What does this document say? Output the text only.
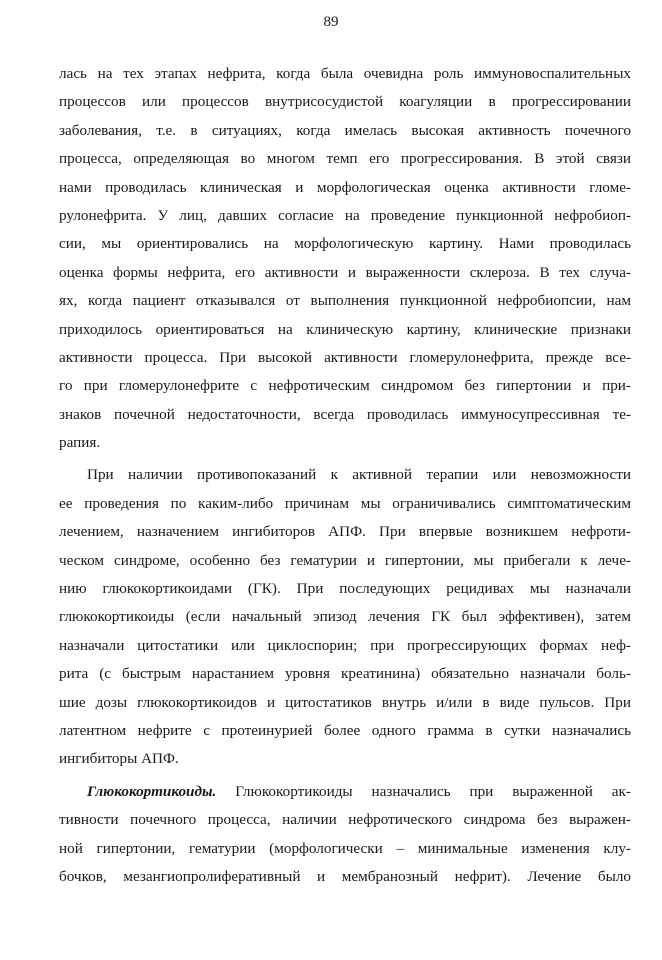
89
лась на тех этапах нефрита, когда была очевидна роль иммуновоспалительных
процессов или процессов внутрисосудистой коагуляции в прогрессировании
заболевания, т.е. в ситуациях, когда имелась высокая активность почечного
процесса, определяющая во многом темп его прогрессирования. В этой связи
нами проводилась клиническая и морфологическая оценка активности гломе-
рулонефрита. У лиц, давших согласие на проведение пункционной нефробиоп-
сии, мы ориентировались на морфологическую картину. Нами проводилась
оценка формы нефрита, его активности и выраженности склероза. В тех случа-
ях, когда пациент отказывался от выполнения пункционной нефробиопсии, нам
приходилось ориентироваться на клиническую картину, клинические признаки
активности процесса. При высокой активности гломерулонефрита, прежде все-
го при гломерулонефрите с нефротическим синдромом без гипертонии и при-
знаков почечной недостаточности, всегда проводилась иммуносупрессивная те-
рапия.
При наличии противопоказаний к активной терапии или невозможности
ее проведения по каким-либо причинам мы ограничивались симптоматическим
лечением, назначением ингибиторов АПФ. При впервые возникшем нефроти-
ческом синдроме, особенно без гематурии и гипертонии, мы прибегали к лече-
нию глюкокортикоидами (ГК). При последующих рецидивах мы назначали
глюкокортикоиды (если начальный эпизод лечения ГК был эффективен), затем
назначали цитостатики или циклоспорин; при прогрессирующих формах неф-
рита (с быстрым нарастанием уровня креатинина) обязательно назначали боль-
шие дозы глюкокортикоидов и цитостатиков внутрь и/или в виде пульсов. При
латентном нефрите с протеинурией более одного грамма в сутки назначались
ингибиторы АПФ.
Глюкокортикоиды. Глюкокортикоиды назначались при выраженной ак-
тивности почечного процесса, наличии нефротического синдрома без выражен-
ной гипертонии, гематурии (морфологически – минимальные изменения клу-
бочков, мезангиопролиферативный и мембранозный нефрит). Лечение было
